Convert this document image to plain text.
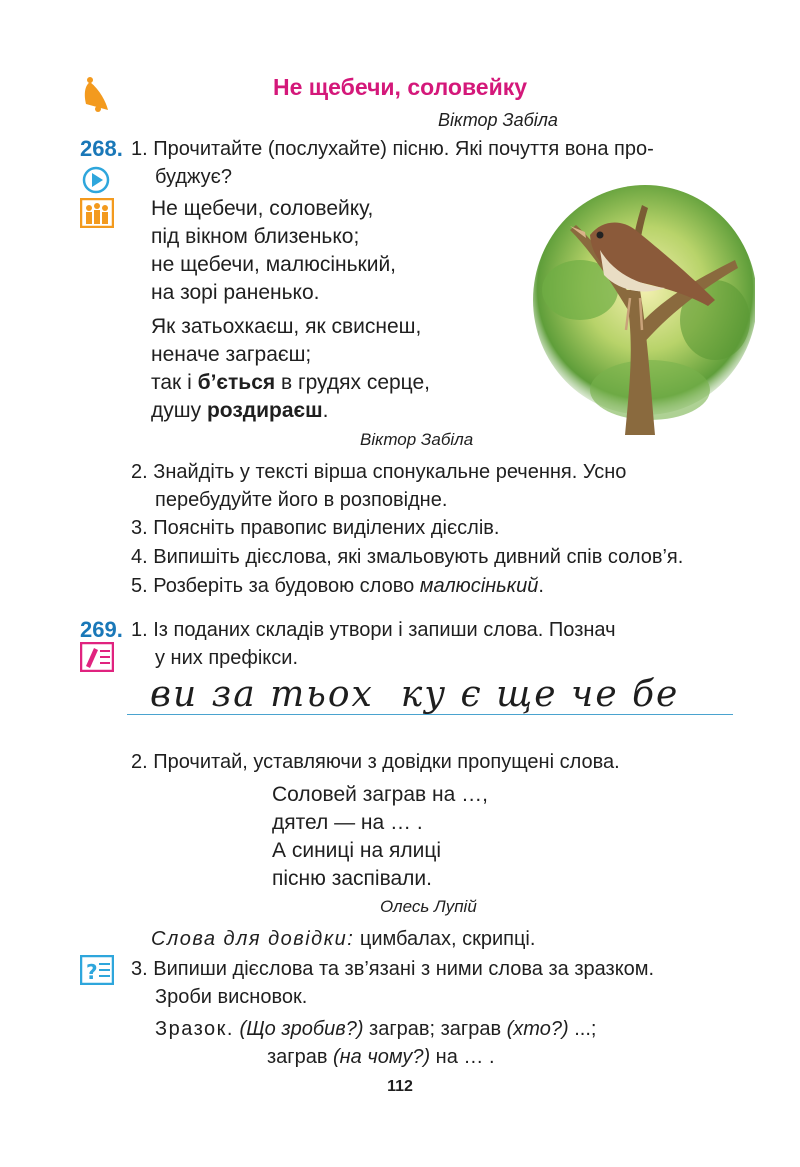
Не щебечи, соловейку
Віктор Забіла
268. 1. Прочитайте (послухайте) пісню. Які почуття вона про-
буджує?
Не щебечи, соловейку,
під вікном близенько;
не щебечи, малюсінький,
на зорі раненько.
Як затьохкаєш, як свиснеш,
неначе заграєш;
так і б’ється в грудях серце,
душу роздираєш.
Віктор Забіла
2. Знайдіть у тексті вірша спонукальне речення. Усно
перебудуйте його в розповідне.
3. Поясніть правопис виділених дієслів.
4. Випишіть дієслова, які змальовують дивний спів солов’я.
5. Розберіть за будовою слово малюсінький.
269. 1. Із поданих складів утвори і запиши слова. Познач
у них префікси.
ви за тьох  ку є ще че бе
2. Прочитай, уставляючи з довідки пропущені слова.
Соловей заграв на …,
дятел — на … .
А синиці на ялиці
пісню заспівали.
Олесь Лупій
Слова для довідки: цимбалах, скрипці.
? 3. Випиши дієслова та зв’язані з ними слова за зразком.
Зроби висновок.
Зразок. (Що зробив?) заграв; заграв (хто?) ...;
заграв (на чому?) на … .
112
